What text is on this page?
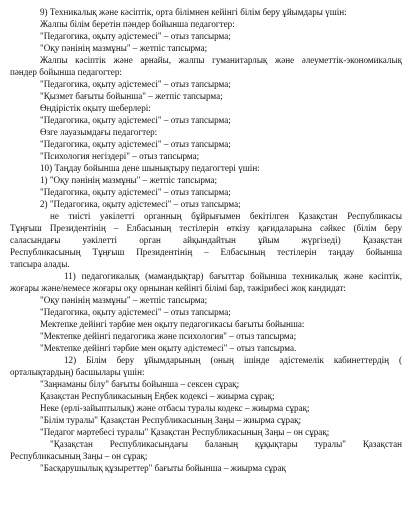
9) Техникалық және кәсіптік, орта білімнен кейінгі білім беру ұйымдары үшін:

Жалпы білім беретін пәндер бойынша педагогтер:

"Педагогика, оқыту әдістемесі" – отыз тапсырма;

"Оқу пәнінің мазмұны" – жетпіс тапсырма;

Жалпы кәсіптік және арнайы, жалпы гуманитарлық және әлеуметтік-экономикалық

пәндер бойынша педагогтер:

"Педагогика, оқыту әдістемесі" – отыз тапсырма;

"Қызмет бағыты бойынша" – жетпіс тапсырма;

Өндірістік оқыту шеберлері:

"Педагогика, оқыту әдістемесі" – отыз тапсырма;

Өзге лауазымдағы педагогтер:

"Педагогика, оқыту әдістемесі" – отыз тапсырма;

"Психология негіздері" – отыз тапсырма;

10) Таңдау бойынша дене шынықтыру педагогтері үшін:

1) "Оқу пәнінің мазмұны" – жетпіс тапсырма;

"Педагогика, оқыту әдістемесі" – отыз тапсырма;

2) "Педагогика, оқыту әдістемесі" – отыз тапсырма;

не тиісті уәкілетті органның бұйрығымен бекітілген Қазақстан Республикасы

Тұңғыш Президентінің – Елбасының тестілерін өткізу қағидаларына сәйкес (білім беру

саласындағы уәкілетті орган айқындайтын ұйым жүргізеді) Қазақстан

Республикасының Тұңғыш Президентінің – Елбасының тестілерін таңдау бойынша

тапсыра алады.

11) педагогикалық (мамандықтар) бағыттар бойынша техникалық және кәсіптік,

жоғары және/немесе жоғары оқу орнынан кейінгі білімі бар, тәжірибесі жоқ кандидат:

"Оқу пәнінің мазмұны" – жетпіс тапсырма;

"Педагогика, оқыту әдістемесі" – отыз тапсырма;

Мектепке дейінгі тәрбие мен оқыту педагогикасы бағыты бойынша:

"Мектепке дейінгі педагогика және психология" – отыз тапсырма;

"Мектепке дейінгі тәрбие мен оқыту әдістемесі" – отыз тапсырма.

12) Білім беру ұйымдарының (оның ішінде әдістемелік кабинеттердің (

орталықтардың) басшылары үшін:

"Заңнаманы білу" бағыты бойынша – сексен сұрақ;

Қазақстан Республикасының Еңбек кодексі – жиырма сұрақ;

Неке (ерлі-зайыптылық) және отбасы туралы кодекс – жиырма сұрақ;

"Білім туралы" Қазақстан Республикасының Заңы – жиырма сұрақ;

"Педагог мәртебесі туралы" Қазақстан Республикасының Заңы – он сұрақ;

"Қазақстан Республикасындағы баланың құқықтары туралы" Қазақстан

Республикасының Заңы – он сұрақ;

"Басқарушылық құзыреттер" бағыты бойынша – жиырма сұрақ
